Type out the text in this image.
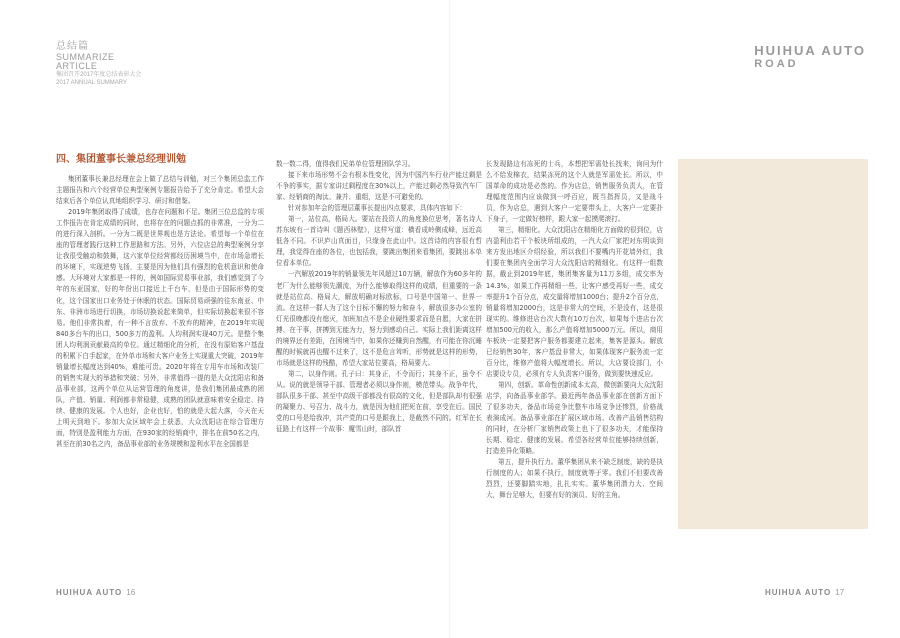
总结篇
SUMMARIZE
ARTICLE
集团召开2017年度总结表彰大会
2017 ANNUAL SUMMARY
HUIHUA AUTO
ROAD
四、集团董事长兼总经理训勉

集团董事长兼总经理在会上做了总结与训勉，对三个集团总监工作主题报告和六个经营单位典型案例专题报告给予了充分肯定。希望大会结束后各个单位认真地组织学习、研讨和借鉴。

2019年集团取得了成绩，也存在问题和不足。集团三位总监的专项工作报告在肯定成绩的同时，也将存在的问题点抓的非常准，一分为二的进行深入剖析。一分为二既是世界观也是方法论。希望每一个单位在座的管理者践行这种工作思路和方法。另外，六位店总的典型案例分享让我很受触动和鼓舞，这六家单位经营都经历困境当中，在市场急增长的环境下，实现逆势飞扬，主要是因为他们具有强烈的危机意识和使命感。大环境对大家都是一样的，例如国际贸易事业部，我们感觉到了今年的东亚国家，好的年份出口接近上千台车，但是由于国际形势的变化，这个国家出口业务处于休眠的状态。国际贸易顽强的往东南亚、中东、非洲市场进行切换，市场切换说起来简单，但实际切换起来很不容易。他们非常执着，有一种不言放弃、不放弃的精神，在2019年实现840多台车的出口，500多万的盈利。人均利润实现40万元。是整个集团人均利润贡献最高的单位。通过精细化的分析，在没有原始客户基盘的积累下白手起家，在外单市场和大客户业务上实现重大突破，2019年销量增长幅度达到40%，难能可贵。2020年将在专用车市场和改装厂的销售实现大的举措和突破；另外，非常值得一提的是大众沈阳店和备品事业部，这两个单位从运营管理的角度讲，是我们集团最成熟的团队，产值、销量、利润都非常稳健，成熟的团队就意味着安全稳定、持续、健康的发展。个人也好，企业也好，怕的就是大起大落，今天在天上明天到地下。参加大众区域年会上获悉，大众沈阳店在综合管理方面，特别是盈利能力方面，在930家的经销商中，排名在前50名之内，甚至在前30名之内，备品事业部的业务规模和盈利水平在全国都是

数一数二得，值得我们兄弟单位管理团队学习。

接下来市场形势不会有根本性变化，因为中国汽车行业产能过剩是不争的事实，据专家讲过剩程度在30%以上，产能过剩必然导致汽车厂家、经销商的淘汰、兼并、重组，这是不可避免的。

针对参加年会的管理层董事长提出四点要求，具体内容如下：

第一，站位高，格局大。要站在投资人的角度换位思考，著名诗人苏东坡有一首诗叫《题西林壁》，这样写道：横看成岭侧成峰，远近高低各不同。不识庐山真面目，只缘身在此山中。这首诗的内容很有哲理，我觉得在座的各位，也包括我，要跳出集团来看集团，要跳出本单位看本单位。

一汽解放2019年的销量领先年风超过10万辆，解放作为60多年的老厂为什么能够领先潮流，为什么能够取得这样的成绩，但重要的一条就是站位高、格局大，解放明确对标欧标，口号是中国第一、世界一流。在这样一群人为了这个目标不懈的努力和奋斗，解放很多办公室的灯光很晚都没有熄灭，加班加点不是企业硬性要求而是自愿，大家在拼搏、在干事，拼搏到无能为力，努力到感动自己。实际上我们距离这样的境界还有差距，在困境当中，如果你还赚到自然醒，有可能在你沉睡醒的时候就再也醒不过来了，这不是危言耸听，形势就是这样的形势，市场就是这样的残酷，希望大家站位要高，格局要大。

第二，以身作则。孔子曰：其身正，不令而行；其身不正，虽令不从。说的就是领导干部、管理者必须以身作则，模范带头。战争年代，部队很多干部、甚至中高级干部都没有很高的文化，但是部队却有很强的凝聚力、号召力、战斗力，就是因为他们把死在前，享受在后。国民党的口号是给我冲，共产党的口号是跟我上，是截然不同的。红军在长征路上有这样一个故事：魔雪山时，部队首

长发现路边有冻死的士兵，本想把军需处长找来，询问为什么不给发棉衣，结果冻死的这个人就是军需处长。所以，中国革命的成功是必然的。作为店总，销售服务负责人，在管理幅度范围内应该做到一呼百应，既当指挥员，又是战斗员，作为店总，遇到大客户一定要带头上，大客户一定要扑下身子，一定做好榜样，跟大家一起摸爬滚打。

第三，精细化。大众沈阳店在精细化方面做的很到位，店内盈利由若干个板块所组成的，一汽大众厂家把对东明谈到来方发出地区介绍经验，所以我们不要嘴内开花墙外红，我们要在集团内全面学习大众沈阳店的精细化。有这样一组数据，截止到2019年底，集团集客量为11万多组，成交率为14.3%，如果工作再精细一些，让客户感受再好一些，成交率提升1个百分点，成交量将增加1000台；提升2个百分点，销量将增加2000台，这是非常大的空间，不是没有，这是很现实的。维修进店台次大数有10万台次，如果每个进店台次增加500元的收入，那么产值将增加5000万元。所以，商用车板块一定要把客户服务都要建立起来，集客是源头。解放已经销售30年，客户基盘非常大，如果体现客户服务流一定百分比，维修产值将大幅度增长。所以，大店要设部门，小店要设专员，必须有专人负责客户服务，做到要快速反应。

第四，创新。革命性创新成本太高，微创新要向大众沈阳店学，向备品事业部学。最近两年备品事业部在创新方面下了很多功夫，备品市场竞争比整车市场竞争还惨烈，价格战表演成河。备品事业部在扩展区域市场、改善产品销售结构的同时，在分析厂家销售政策上也下了很多功夫，才能保持长期、稳定、健康的发展。希望各经营单位能够持续创新，打造差异化策略。

第五，提升执行力。董华集团从来不缺乏制度，缺的是执行制度的人；如果不执行，制度就等于零。我们不但要改善烈烈，还要脚踏实地，扎扎实实。董华集团潜力大、空间大，舞台足够大，但要有好的演员、好的主角。

HUIHUA AUTO 16	HUIHUA AUTO 17
